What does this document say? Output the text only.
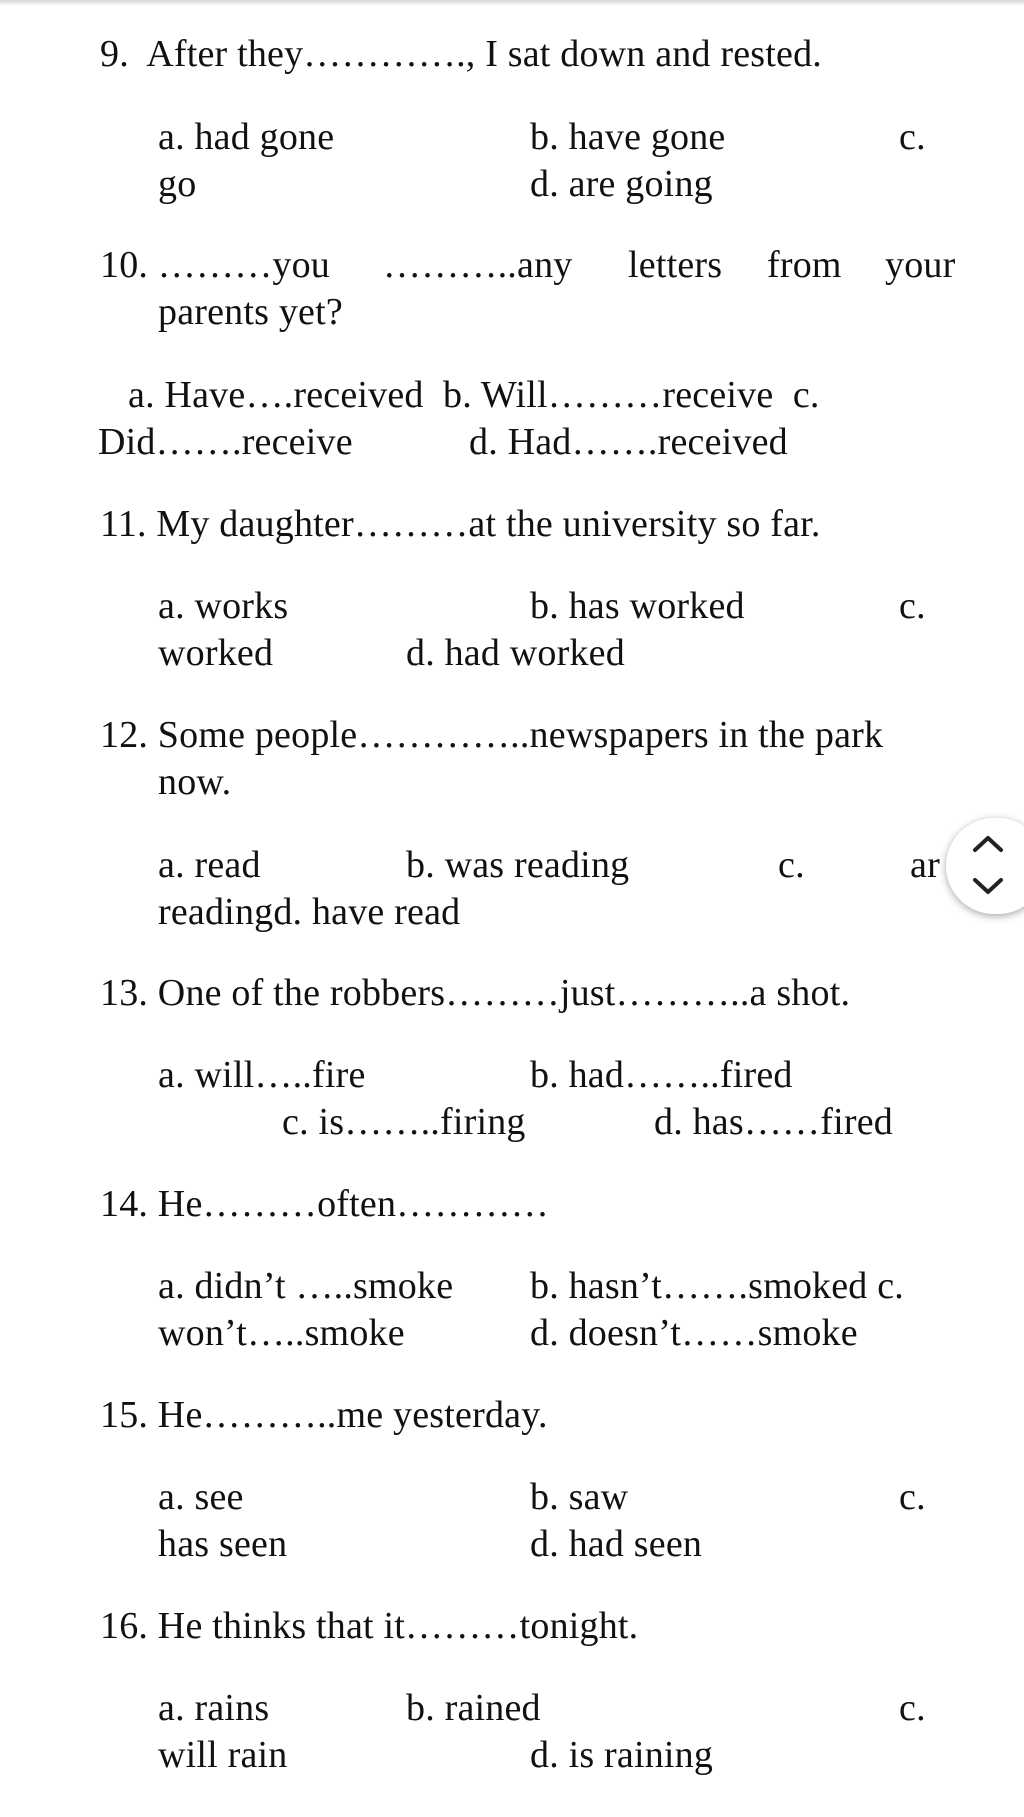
9.  After they…………., I sat down and rested.
a. had gone	b. have gone	c.
go	d. are going
10. ………you ………..any letters from your
parents yet?
a. Have….received  b. Will………receive  c.
Did…….receive	d. Had…….received
11. My daughter………at the university so far.
a. works	b. has worked	c.
worked	d. had worked
12. Some people…………..newspapers in the park
now.
a. read	b. was reading	c.	ar
readingd. have read
13. One of the robbers………just………..a shot.
a. will…..fire	b. had……..fired
c. is……..firing	d. has……fired
14. He………often…………
a. didn’t …..smoke b. hasn’t…….smoked c.
won’t…..smoke	d. doesn’t……smoke
15. He………..me yesterday.
a. see	b. saw	c.
has seen	d. had seen
16. He thinks that it………tonight.
a. rains	b. rained	c.
will rain	d. is raining
